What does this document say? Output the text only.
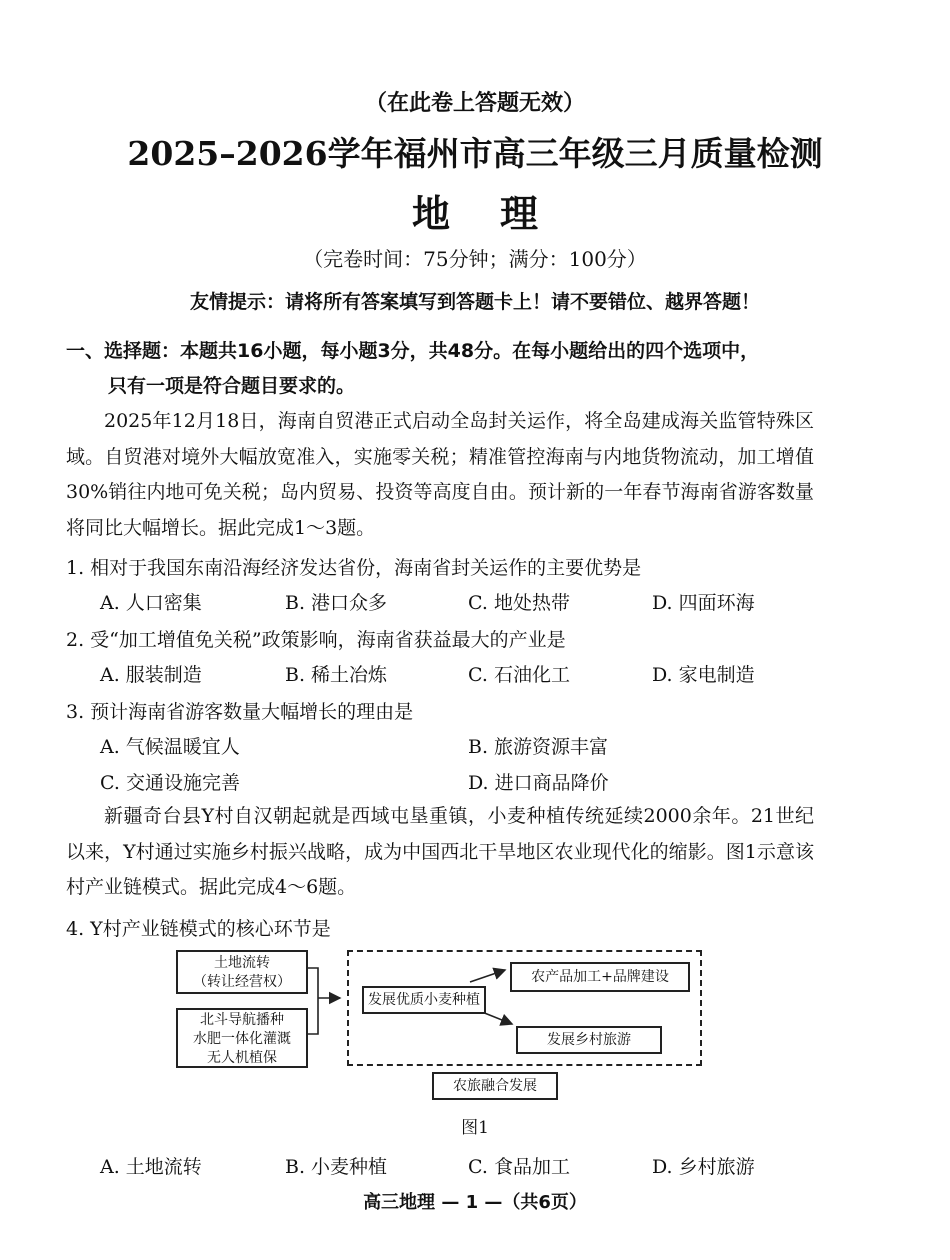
（在此卷上答题无效）
2025–2026学年福州市高三年级三月质量检测
地理
（完卷时间：75分钟；满分：100分）
友情提示：请将所有答案填写到答题卡上！请不要错位、越界答题！
一、选择题：本题共16小题，每小题3分，共48分。在每小题给出的四个选项中，
只有一项是符合题目要求的。
2025年12月18日，海南自贸港正式启动全岛封关运作，将全岛建成海关监管特殊区域。自贸港对境外大幅放宽准入，实施零关税；精准管控海南与内地货物流动，加工增值30%销往内地可免关税；岛内贸易、投资等高度自由。预计新的一年春节海南省游客数量将同比大幅增长。据此完成1～3题。
1. 相对于我国东南沿海经济发达省份，海南省封关运作的主要优势是
A. 人口密集	B. 港口众多	C. 地处热带	D. 四面环海
2. 受“加工增值免关税”政策影响，海南省获益最大的产业是
A. 服装制造	B. 稀土冶炼	C. 石油化工	D. 家电制造
3. 预计海南省游客数量大幅增长的理由是
A. 气候温暖宜人	B. 旅游资源丰富
C. 交通设施完善	D. 进口商品降价
新疆奇台县Y村自汉朝起就是西域屯垦重镇，小麦种植传统延续2000余年。21世纪以来，Y村通过实施乡村振兴战略，成为中国西北干旱地区农业现代化的缩影。图1示意该村产业链模式。据此完成4～6题。
4. Y村产业链模式的核心环节是
土地流转
（转让经营权）
北斗导航播种
水肥一体化灌溉
无人机植保
发展优质小麦种植
农产品加工+品牌建设
发展乡村旅游
农旅融合发展
图1
A. 土地流转	B. 小麦种植	C. 食品加工	D. 乡村旅游
高三地理 — 1 —（共6页）
